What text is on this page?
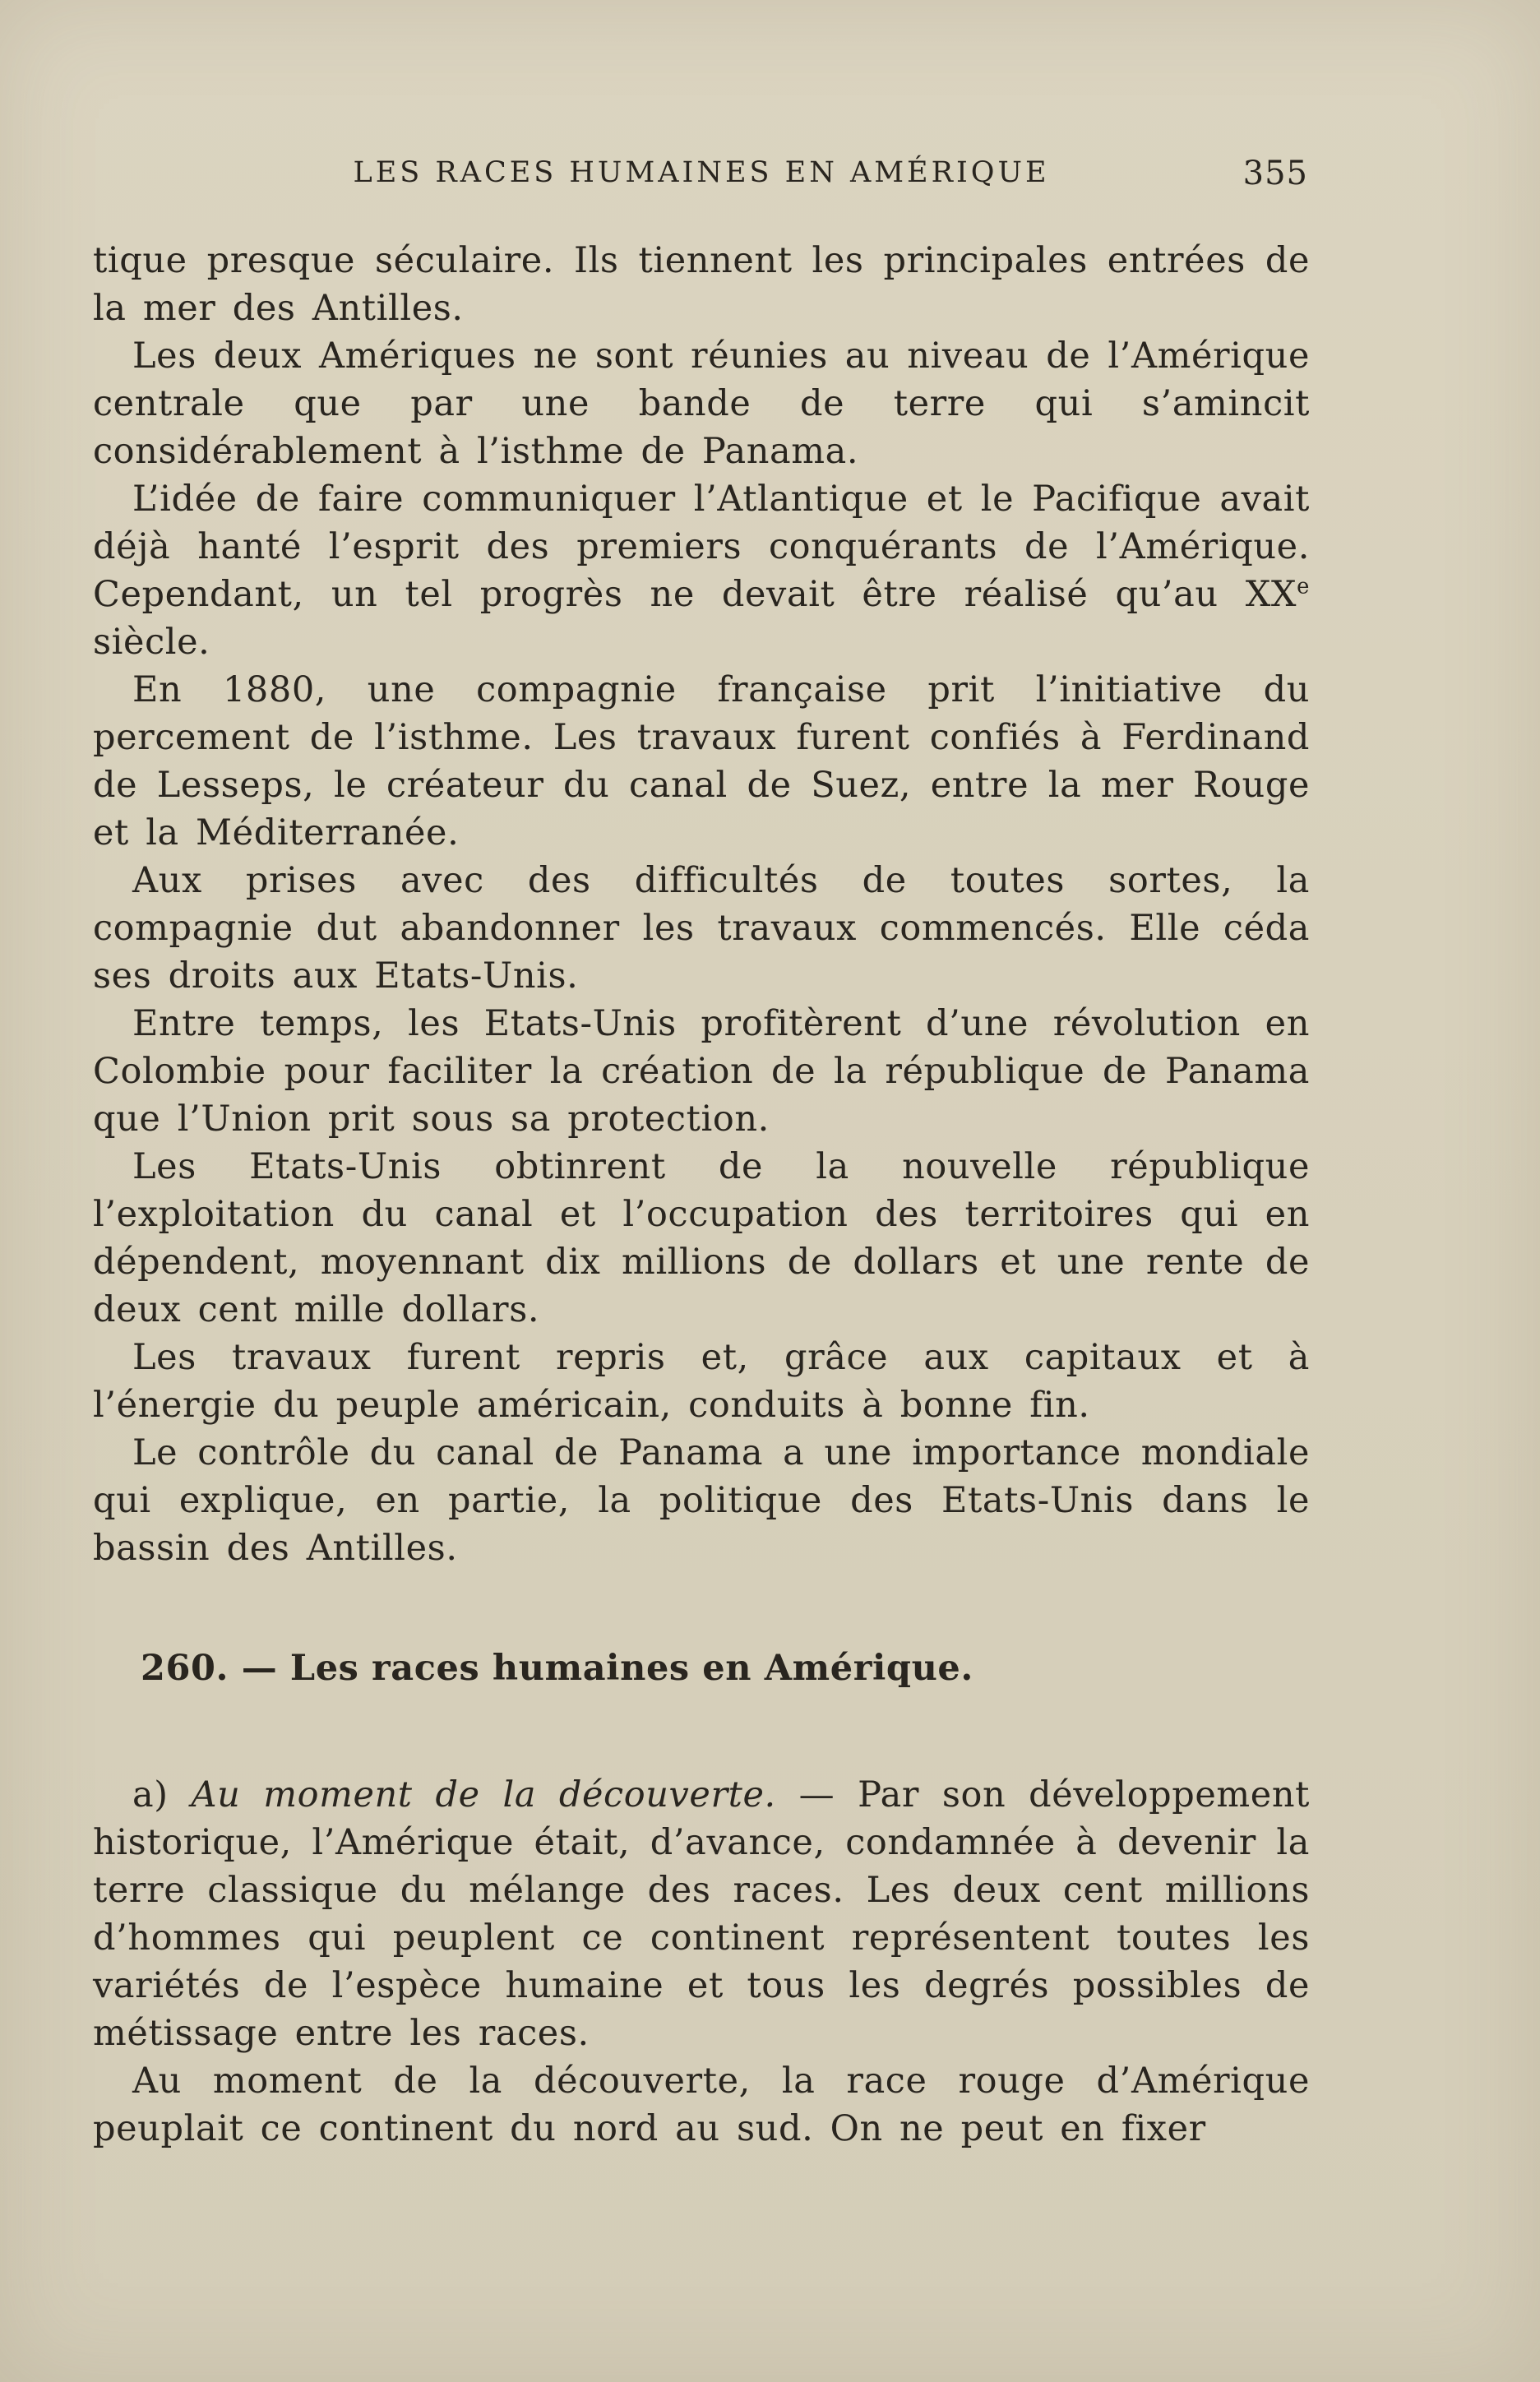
LES RACES HUMAINES EN AMÉRIQUE	355

tique presque séculaire. Ils tiennent les principales entrées de la mer des Antilles.

Les deux Amériques ne sont réunies au niveau de l’Amérique centrale que par une bande de terre qui s’amincit considérablement à l’isthme de Panama.

L’idée de faire communiquer l’Atlantique et le Pacifique avait déjà hanté l’esprit des premiers conquérants de l’Amérique. Cependant, un tel progrès ne devait être réalisé qu’au XXe siècle.

En 1880, une compagnie française prit l’initiative du percement de l’isthme. Les travaux furent confiés à Ferdinand de Lesseps, le créateur du canal de Suez, entre la mer Rouge et la Méditerranée.

Aux prises avec des difficultés de toutes sortes, la compagnie dut abandonner les travaux commencés. Elle céda ses droits aux Etats-Unis.

Entre temps, les Etats-Unis profitèrent d’une révolution en Colombie pour faciliter la création de la république de Panama que l’Union prit sous sa protection.

Les Etats-Unis obtinrent de la nouvelle république l’exploitation du canal et l’occupation des territoires qui en dépendent, moyennant dix millions de dollars et une rente de deux cent mille dollars.

Les travaux furent repris et, grâce aux capitaux et à l’énergie du peuple américain, conduits à bonne fin.

Le contrôle du canal de Panama a une importance mondiale qui explique, en partie, la politique des Etats-Unis dans le bassin des Antilles.

260. — Les races humaines en Amérique.

a) Au moment de la découverte. — Par son développement historique, l’Amérique était, d’avance, condamnée à devenir la terre classique du mélange des races. Les deux cent millions d’hommes qui peuplent ce continent représentent toutes les variétés de l’espèce humaine et tous les degrés possibles de métissage entre les races.

Au moment de la découverte, la race rouge d’Amérique peuplait ce continent du nord au sud. On ne peut en fixer
